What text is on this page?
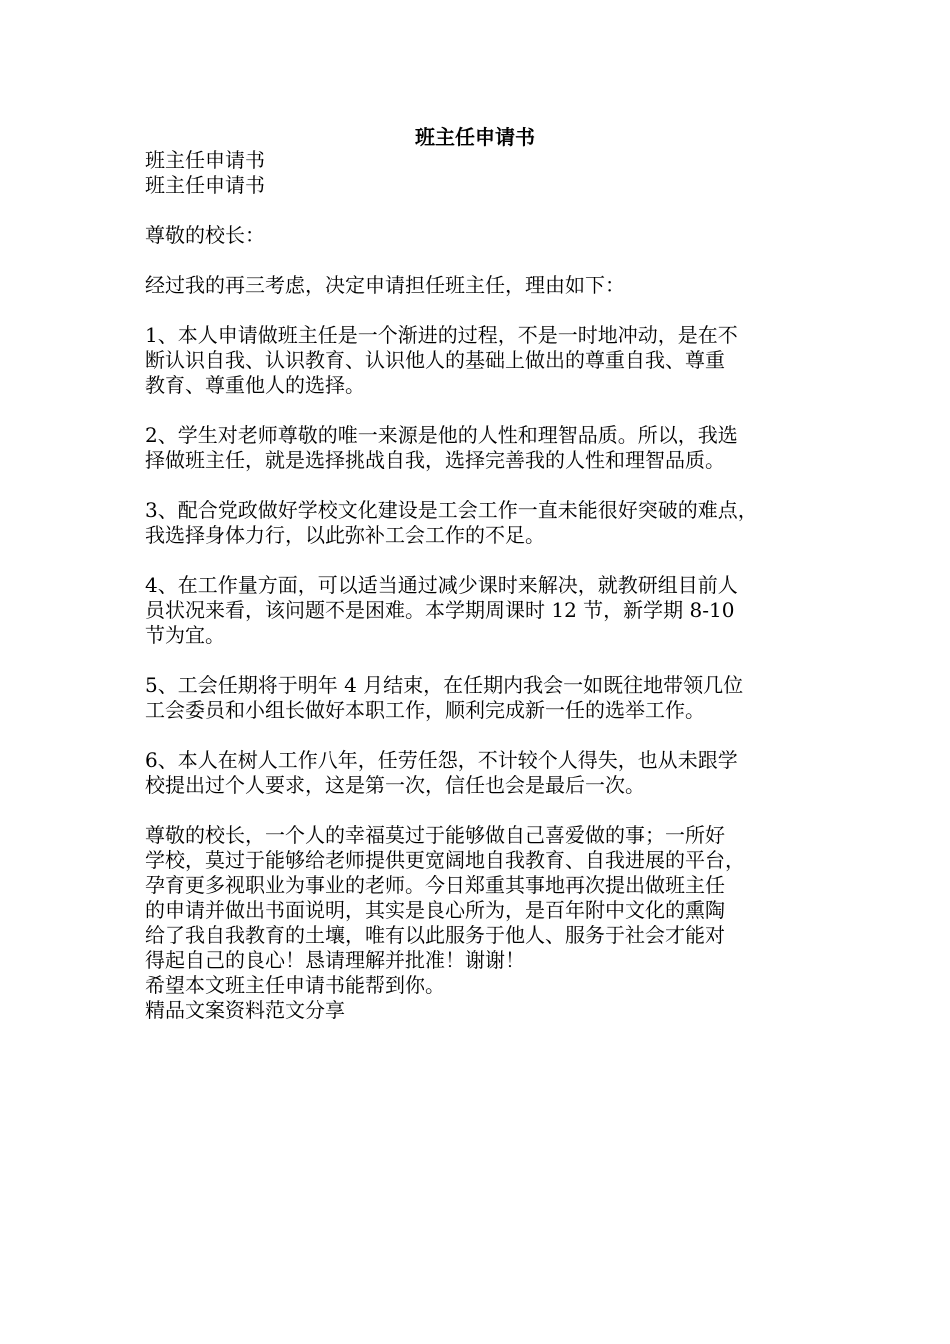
班主任申请书
班主任申请书
班主任申请书
尊敬的校长：
经过我的再三考虑，决定申请担任班主任，理由如下：
1、本人申请做班主任是一个渐进的过程，不是一时地冲动，是在不
断认识自我、认识教育、认识他人的基础上做出的尊重自我、尊重
教育、尊重他人的选择。
2、学生对老师尊敬的唯一来源是他的人性和理智品质。所以，我选
择做班主任，就是选择挑战自我，选择完善我的人性和理智品质。
3、配合党政做好学校文化建设是工会工作一直未能很好突破的难点，
我选择身体力行，以此弥补工会工作的不足。
4、在工作量方面，可以适当通过减少课时来解决，就教研组目前人
员状况来看，该问题不是困难。本学期周课时 12 节，新学期 8-10
节为宜。
5、工会任期将于明年 4 月结束，在任期内我会一如既往地带领几位
工会委员和小组长做好本职工作，顺利完成新一任的选举工作。
6、本人在树人工作八年，任劳任怨，不计较个人得失，也从未跟学
校提出过个人要求，这是第一次，信任也会是最后一次。
尊敬的校长，一个人的幸福莫过于能够做自己喜爱做的事；一所好
学校，莫过于能够给老师提供更宽阔地自我教育、自我进展的平台，
孕育更多视职业为事业的老师。今日郑重其事地再次提出做班主任
的申请并做出书面说明，其实是良心所为，是百年附中文化的熏陶
给了我自我教育的土壤，唯有以此服务于他人、服务于社会才能对
得起自己的良心！恳请理解并批准！谢谢！
希望本文班主任申请书能帮到你。
精品文案资料范文分享
